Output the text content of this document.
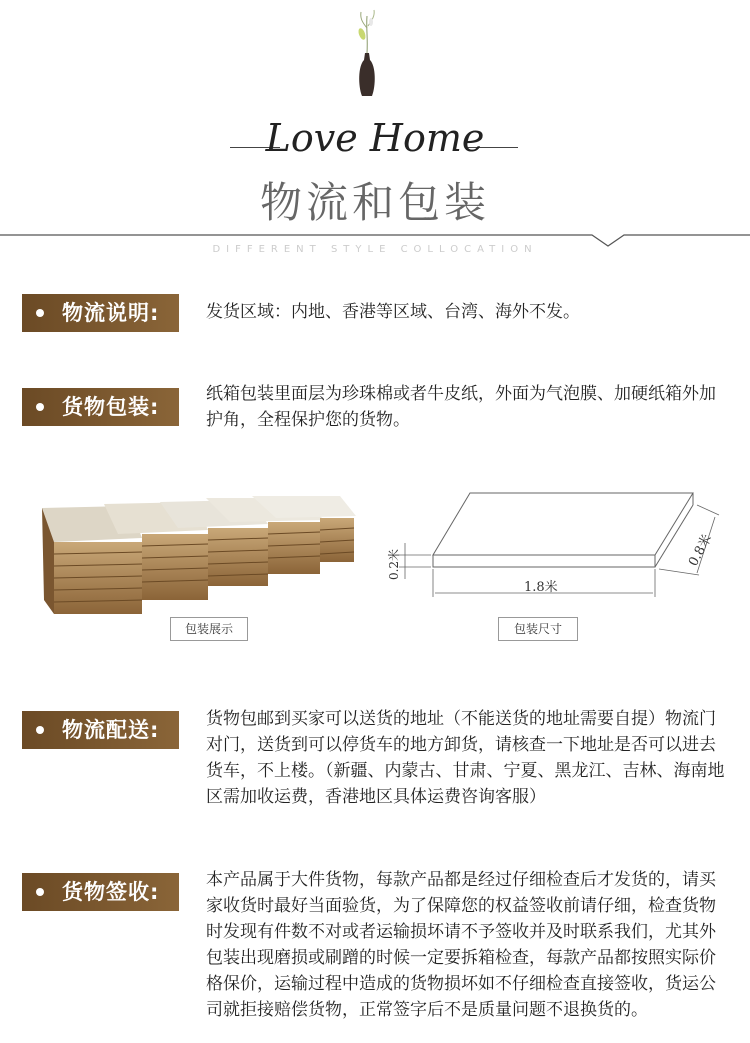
Love Home
物流和包装
DIFFERENT STYLE COLLOCATION
物流说明:	发货区域：内地、香港等区域、台湾、海外不发。
货物包装:
纸箱包装里面层为珍珠棉或者牛皮纸，外面为气泡膜、加硬纸箱外加护角，全程保护您的货物。
0.2米
1.8米
0.8米
包装展示	包装尺寸
物流配送:	货物包邮到买家可以送货的地址（不能送货的地址需要自提）物流门对门，送货到可以停货车的地方卸货，请核查一下地址是否可以进去货车，不上楼。（新疆、内蒙古、甘肃、宁夏、黑龙江、吉林、海南地区需加收运费，香港地区具体运费咨询客服）
货物签收:	本产品属于大件货物，每款产品都是经过仔细检查后才发货的，请买家收货时最好当面验货，为了保障您的权益签收前请仔细，检查货物时发现有件数不对或者运输损坏请不予签收并及时联系我们，尤其外包装出现磨损或刷蹭的时候一定要拆箱检查，每款产品都按照实际价格保价，运输过程中造成的货物损坏如不仔细检查直接签收，货运公司就拒接赔偿货物，正常签字后不是质量问题不退换货的。
